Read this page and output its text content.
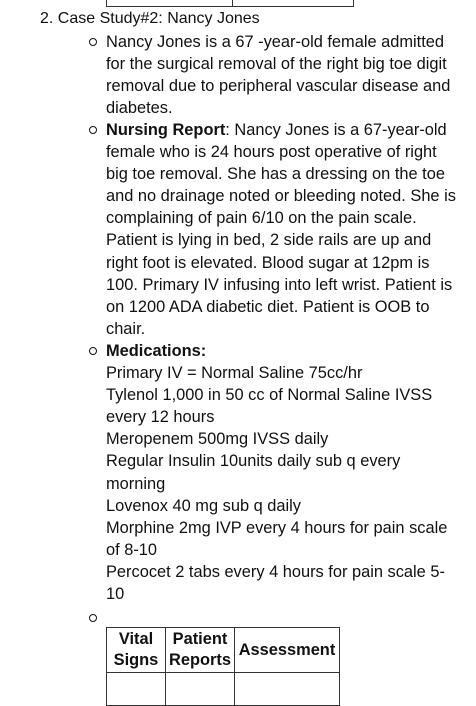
2. Case Study#2: Nancy Jones
Nancy Jones is a 67 -year-old female admitted for the surgical removal of the right big toe digit removal due to peripheral vascular disease and diabetes.
Nursing Report: Nancy Jones is a 67-year-old female who is 24 hours post operative of right big toe removal. She has a dressing on the toe and no drainage noted or bleeding noted. She is complaining of pain 6/10 on the pain scale. Patient is lying in bed, 2 side rails are up and right foot is elevated. Blood sugar at 12pm is 100. Primary IV infusing into left wrist. Patient is on 1200 ADA diabetic diet. Patient is OOB to chair.
Medications:
Primary IV = Normal Saline 75cc/hr
Tylenol 1,000 in 50 cc of Normal Saline IVSS every 12 hours
Meropenem 500mg IVSS daily
Regular Insulin 10units daily sub q every morning
Lovenox 40 mg sub q daily
Morphine 2mg IVP every 4 hours for pain scale of 8-10
Percocet 2 tabs every 4 hours for pain scale 5-10
Vital Signs	Patient Reports	Assessment
